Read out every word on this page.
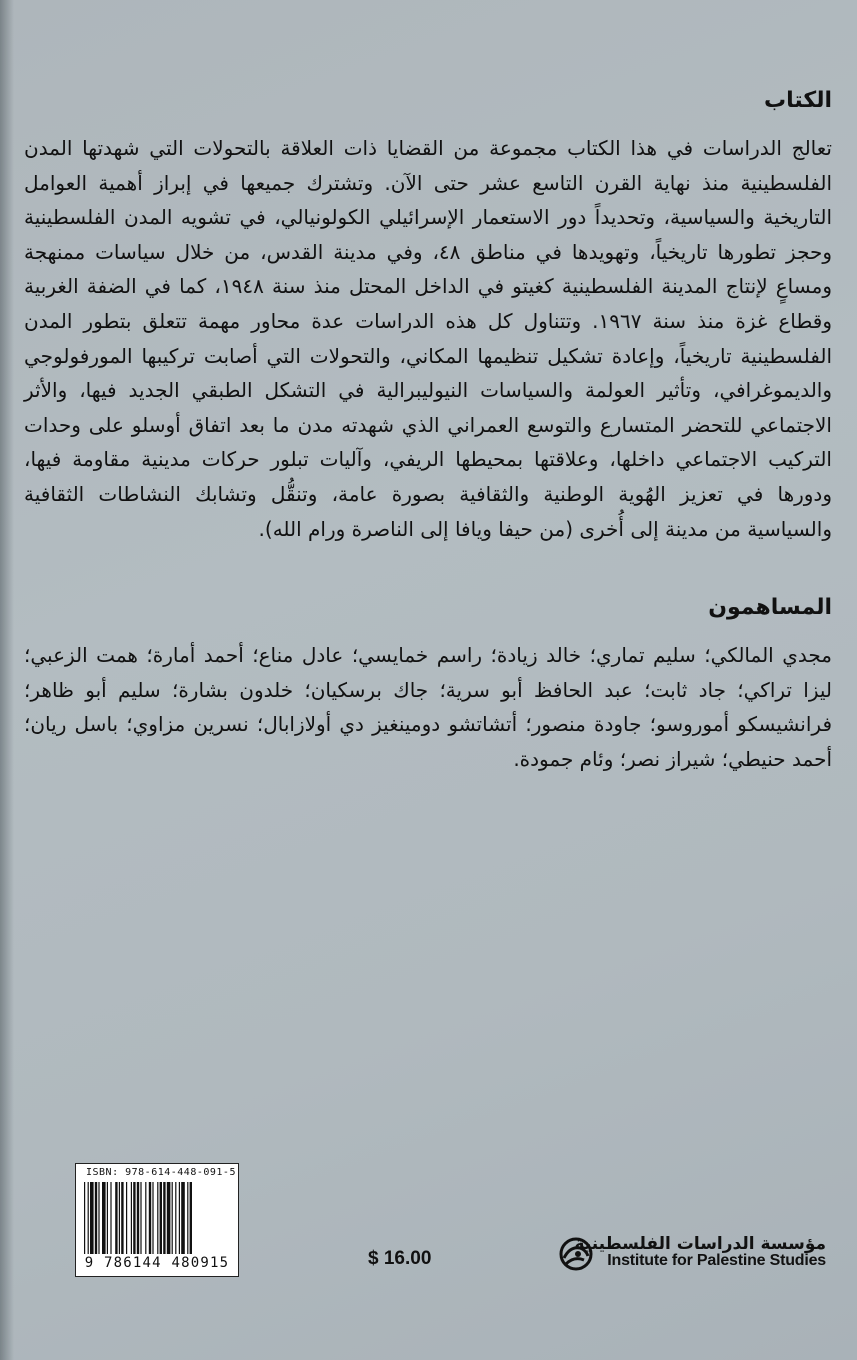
الكتاب

تعالج الدراسات في هذا الكتاب مجموعة من القضايا ذات العلاقة بالتحولات التي شهدتها المدن الفلسطينية منذ نهاية القرن التاسع عشر حتى الآن. وتشترك جميعها في إبراز أهمية العوامل التاريخية والسياسية، وتحديداً دور الاستعمار الإسرائيلي الكولونيالي، في تشويه المدن الفلسطينية وحجز تطورها تاريخياً، وتهويدها في مناطق ٤٨، وفي مدينة القدس، من خلال سياسات ممنهجة ومساعٍ لإنتاج المدينة الفلسطينية كغيتو في الداخل المحتل منذ سنة ١٩٤٨، كما في الضفة الغربية وقطاع غزة منذ سنة ١٩٦٧. وتتناول كل هذه الدراسات عدة محاور مهمة تتعلق بتطور المدن الفلسطينية تاريخياً، وإعادة تشكيل تنظيمها المكاني، والتحولات التي أصابت تركيبها المورفولوجي والديموغرافي، وتأثير العولمة والسياسات النيوليبرالية في التشكل الطبقي الجديد فيها، والأثر الاجتماعي للتحضر المتسارع والتوسع العمراني الذي شهدته مدن ما بعد اتفاق أوسلو على وحدات التركيب الاجتماعي داخلها، وعلاقتها بمحيطها الريفي، وآليات تبلور حركات مدينية مقاومة فيها، ودورها في تعزيز الهُوية الوطنية والثقافية بصورة عامة، وتنقُّل وتشابك النشاطات الثقافية والسياسية من مدينة إلى أُخرى (من حيفا ويافا إلى الناصرة ورام الله).

المساهمون

مجدي المالكي؛ سليم تماري؛ خالد زيادة؛ راسم خمايسي؛ عادل مناع؛ أحمد أمارة؛ همت الزعبي؛ ليزا تراكي؛ جاد ثابت؛ عبد الحافظ أبو سرية؛ جاك برسكيان؛ خلدون بشارة؛ سليم أبو ظاهر؛ فرانشيسكو أموروسو؛ جاودة منصور؛ أتشاتشو دومينغيز دي أولازابال؛ نسرين مزاوي؛ باسل ريان؛ أحمد حنيطي؛ شيراز نصر؛ وئام جمودة.

ISBN: 978-614-448-091-5
9 786144 480915	$ 16.00
مؤسسة الدراسات الفلسطينية
Institute for Palestine Studies
